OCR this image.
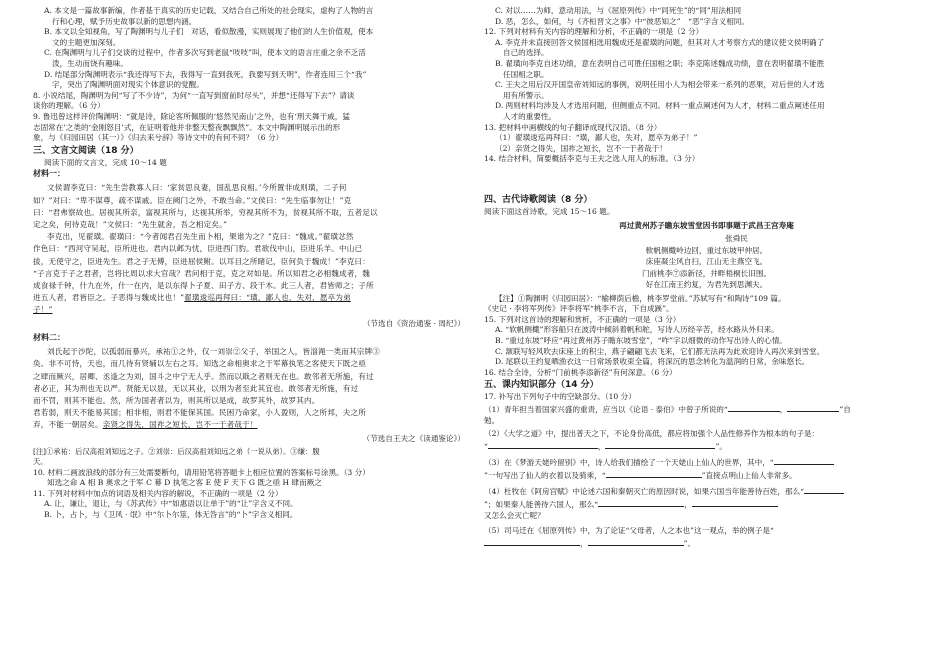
A. 本文是一篇故事新编，作者基于真实的历史记载，又结合自己所处的社会现实，虚构了人物的言

行和心理，赋予历史故事以新的思想内涵。

B. 本文以全知视角，写了陶渊明与儿子们　对话，看似散漫，实则展现了他们的人生价值观，使本

文的主题更加深刻。

C. 在陶渊明与儿子们交谈的过程中，作者多次写到老鼠“吱吱”叫，使本文的语言庄重之余不乏活

泼，生动而饶有趣味。

D. 结尾部分陶渊明表示“我还得写下去，我得写一直到我死，我要写到天明”，作者连用三个“我”

字，突出了陶渊明面对现实个体意识的觉醒。

8. 小说结尾，陶渊明为何“写了不少诗”，为何“一直写到窗前时尽头”，并想“还得写下去”？请谈

谈你的理解。（6 分）

9. 鲁迅曾这样评价陶渊明：“就是诗，除论客所佩服的‘悠然见南山’之外，也有‘刑天舞干戚，猛

志固常在’之类的‘金刚怒目’式，在证明着他并非整天整夜飘飘然”。本文中陶渊明展示出的形

象，与《归园田居（其一）》《归去来兮辞》等诗文中的有何不同？（6 分）

三、文言文阅读（18 分）

阅读下面的文言文，完成 10～14 题

材料一：

文侯谓李克曰：“先生尝教寡人曰：‘家贫思良妻，国乱思良相。’今所置非成则璜，二子何

如？”对曰：“卑不谋尊，疏不谋戚。臣在阙门之外，不敢当命。”文侯曰：“先生临事勿让！”克

曰：“君弗察故也。居视其所亲，富视其所与，达视其所举，穷视其所不为，贫视其所不取，五者足以

定之矣，何待克哉！”文侯曰：“先生就舍，吾之相定矣。”

李克出，见翟璜。翟璜曰：“今者闻君召先生而卜相，果谁为之？”克曰：“魏成。”翟璜忿然

作色曰：“西河守吴起，臣所进也。君内以邺为忧，臣进西门豹。君欲伐中山，臣进乐羊。中山已

拔，无使守之，臣进先生。君之子无傅，臣进屈侯鲋。以耳目之所睹记，臣何负于魏成！”李克曰：

“子言克于子之君者，岂将比周以求大官哉？君问相于克，克之对如是。所以知君之必相魏成者，魏

成食禄千钟，什九在外，什一在内，是以东得卜子夏、田子方、段干木。此三人者，君皆师之；子所

进五人者，君皆臣之。子恶得与魏成比也！”翟璜逡巡再拜曰：“璜，鄙人也，失对，愿卒为弟

子！”

（节选自《资治通鉴 · 周纪》）

材料二：

刘氏起于沙陀，以孤弱而暴兴，承祐①之外，仅一刘崇②父子，举国之人，皆淄渑一类而其宗牌③

奂。非不可恃，天也，而几待有贤辅以左右之耳。知选之命相奥求之于军幕执笔之客使天下既之亟

之肆而厥兴，居卿、丞逢之为刘，国斗之中宁无人乎。然而以戢之者则无在也。敢邻者无所施，有过

者必正，其为刑也无以严。贤能无以显，无以其业，以刑为者至此其宜也。敢邻者无所施，有过

而不罚，则其不能也。然，所为国者者以为，则其所以是成，故罗其外，故罗其内。

君若弱，则天不能易其国；相非相，则君不能保其国。民困乃命家，小人盈则，人之所邦，夫之所

弃，不能一朝居矣。亲贤之得失，国祚之短长，岂不一于者哉于！

（节选自王夫之《读通鉴论》）

[注]①承祐：后汉高祖刘知远之子。②刘崇：后汉高祖刘知远之弟（一说从弟）。③缣：腹

天。

10. 材料二画波浪线的部分有三处需要断句，请用铅笔将答题卡上相应位置的答案标号涂黑。（3 分）

知选之命 A 相 B 奥求之于军 C 幕 D 执笔之客 E 使 F 天下 G 既之亟 H 肆而厥之

11. 下列对材料中加点的词语及相关内容的解说，不正确的一项是（2 分）

A. 让，谦让，退让，与《苏武传》中“如惠语以让单于”的“让”字含义不同。

B. 卜，占卜，与《卫风 · 氓》中“尔卜尔筮，体无咎言”的“卜”字含义相同。

C. 对以……为师，意动用法，与《屈原列传》中“同死生”的“同”用法相同

D. 恶，怎么，如何，与《齐桓晋文之事》中“彼恶知之”　“恶”字含义相同。

12. 下列对材料有关内容的理解和分析，不正确的一项是（2 分）

A. 李克并未直接回答文侯国相选用魏成还是翟璜的问题，但其对人才考察方式的建议使文侯明确了

自己的选择。

B. 翟璜向李克自述功绩，意在表明自己可胜任国相之职；李克陈述魏成功绩，意在表明翟璜不能胜

任国相之职。

C. 王夫之用后汉开国皇帝刘知远的事例，说明任用小人为相会带来一系列的恶果，对后世的人才选

用有所警示。

D. 两则材料均涉及人才选用问题，但侧重点不同。材料一重点阐述何为人才，材料二重点阐述任用

人才的重要性。

13. 把材料中画横线的句子翻译成现代汉语。（8 分）

（1）翟璜逡巡再拜曰：“璜，鄙人也，失对，愿卒为弟子！”

（2）亲贤之得失，国祚之短长，岂不一于者哉于！

14. 结合材料，简要概括李克与王夫之选人用人的标准。（3 分）

四、古代诗歌阅读（8 分）

阅读下面这首诗歌，完成 15～16 题。

再过黄州苏子瞻东坡雪堂因书即事题于武昌王宫寿庵

张舜民

軟帆侧檝岭边回，重过东坡甲仲居。

床座凝尘风自扫，江山无主燕空飞。

门前桃李⑦添新径，井畔梧桐长旧围。

好在江南王约复，为君先到思渊夫。

【注】①陶渊明《归园田居》：“榆柳荫后檐，桃李罗堂前。”苏轼写有“和陶诗”109 篇。

《史记 · 李将军列传》评李将军“桃李不言，下自成蹊”。

15. 下列对这首诗的理解和赏析，不正确的一项是（3 分）

A. “软帆侧檝”形容船只在波涛中倾斜着帆和舵，写诗人历经辛苦，经水路从外归来。

B. “重过东坡”呼应“再过黄州苏子瞻东坡雪堂”，“咋”字以细微的动作写出诗人的心情。

C. 颔联写轻风吹去床座上的积尘，燕子翩翩飞去飞来，它们都无法再为此欢迎诗人再次来到雪堂。

D. 尾联以王约复晒渔衣这一日常场景收束全篇，将深沉的思念转化为温润的日常，余味悠长。

16. 结合全诗，分析“门前桃李添新径”有何深意。（6 分）

五、课内知识部分（14 分）

17. 补写出下列句子中的空缺部分。（10 分）

（1）青年担当着国家兴盛的重责，应当以《论语 · 泰伯》中曾子所说的“	，	”自

勉。

（2）《大学之道》中，提出普天之下，不论身份高低，都应将加强个人品性修养作为根本的句子是：

“	，	”。

（3）在《梦游天姥吟留别》中，诗人给我们描绘了一个天姥山上仙人的世界，其中，“

”一句写出了仙人的衣着以及骑乘，“	”直接点明山上仙人非常多。

（4）杜牧在《阿房宫赋》中论述六国和秦朝灭亡的原因时说，如果六国当年能善待百姓，那么“

”；如果秦人能善待六国人，那么“	，

又怎么会灭亡呢？

（5）司马迁在《屈原列传》中，为了论证“父母者，人之本也”这一观点，举的例子是“

，	”。
